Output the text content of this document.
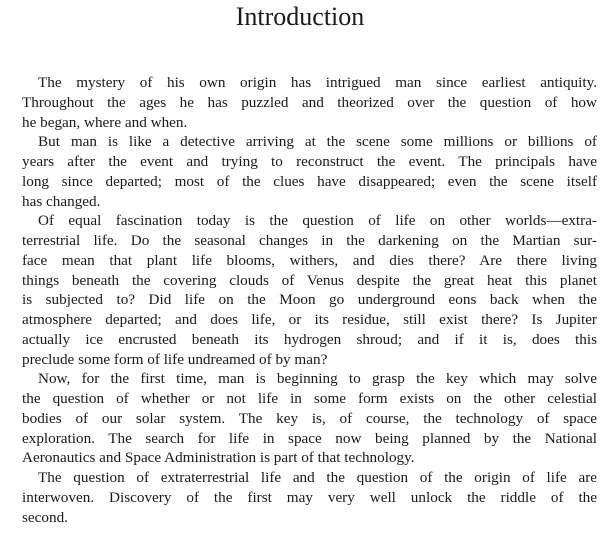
Introduction

The mystery of his own origin has intrigued man since earliest antiquity.
Throughout the ages he has puzzled and theorized over the question of how
he began, where and when.

But man is like a detective arriving at the scene some millions or billions of
years after the event and trying to reconstruct the event. The principals have
long since departed; most of the clues have disappeared; even the scene itself
has changed.

Of equal fascination today is the question of life on other worlds—extra-
terrestrial life. Do the seasonal changes in the darkening on the Martian sur-
face mean that plant life blooms, withers, and dies there? Are there living
things beneath the covering clouds of Venus despite the great heat this planet
is subjected to? Did life on the Moon go underground eons back when the
atmosphere departed; and does life, or its residue, still exist there? Is Jupiter
actually ice encrusted beneath its hydrogen shroud; and if it is, does this
preclude some form of life undreamed of by man?

Now, for the first time, man is beginning to grasp the key which may solve
the question of whether or not life in some form exists on the other celestial
bodies of our solar system. The key is, of course, the technology of space
exploration. The search for life in space now being planned by the National
Aeronautics and Space Administration is part of that technology.

The question of extraterrestrial life and the question of the origin of life are
interwoven. Discovery of the first may very well unlock the riddle of the
second.
